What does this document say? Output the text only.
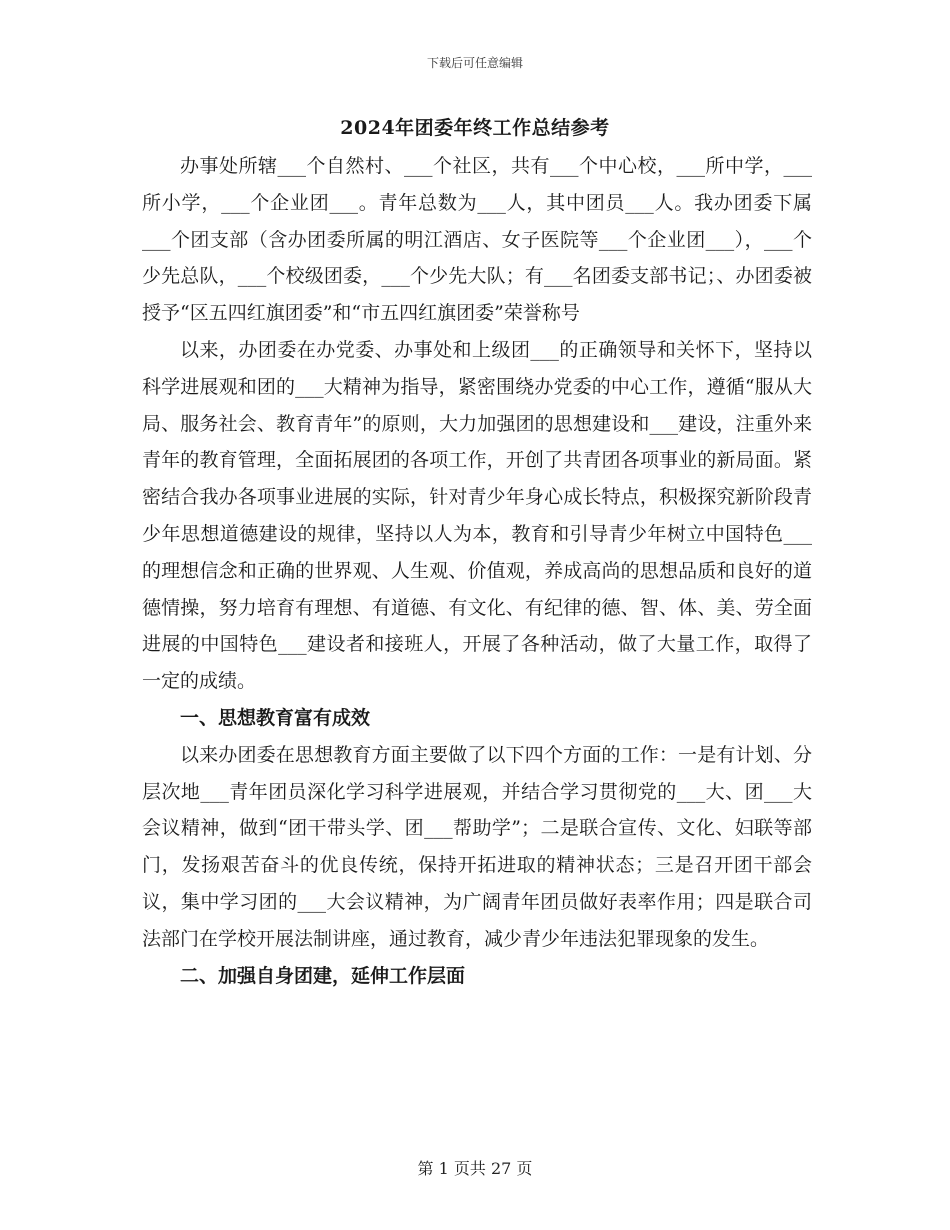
下载后可任意编辑
2024年团委年终工作总结参考

办事处所辖___个自然村、___个社区，共有___个中心校，___所中学，___所小学，___个企业团___。青年总数为___人，其中团员___人。我办团委下属___个团支部（含办团委所属的明江酒店、女子医院等___个企业团___），___个少先总队，___个校级团委，___个少先大队；有___名团委支部书记；、办团委被授予“区五四红旗团委”和“市五四红旗团委”荣誉称号

以来，办团委在办党委、办事处和上级团___的正确领导和关怀下，坚持以科学进展观和团的___大精神为指导，紧密围绕办党委的中心工作，遵循“服从大局、服务社会、教育青年”的原则，大力加强团的思想建设和___建设，注重外来青年的教育管理，全面拓展团的各项工作，开创了共青团各项事业的新局面。紧密结合我办各项事业进展的实际，针对青少年身心成长特点，积极探究新阶段青少年思想道德建设的规律，坚持以人为本，教育和引导青少年树立中国特色___的理想信念和正确的世界观、人生观、价值观，养成高尚的思想品质和良好的道德情操，努力培育有理想、有道德、有文化、有纪律的德、智、体、美、劳全面进展的中国特色___建设者和接班人，开展了各种活动，做了大量工作，取得了一定的成绩。

一、思想教育富有成效

以来办团委在思想教育方面主要做了以下四个方面的工作：一是有计划、分层次地___青年团员深化学习科学进展观，并结合学习贯彻党的___大、团___大会议精神，做到“团干带头学、团___帮助学”；二是联合宣传、文化、妇联等部门，发扬艰苦奋斗的优良传统，保持开拓进取的精神状态；三是召开团干部会议，集中学习团的___大会议精神，为广阔青年团员做好表率作用；四是联合司法部门在学校开展法制讲座，通过教育，减少青少年违法犯罪现象的发生。

二、加强自身团建，延伸工作层面
第 1 页共 27 页
